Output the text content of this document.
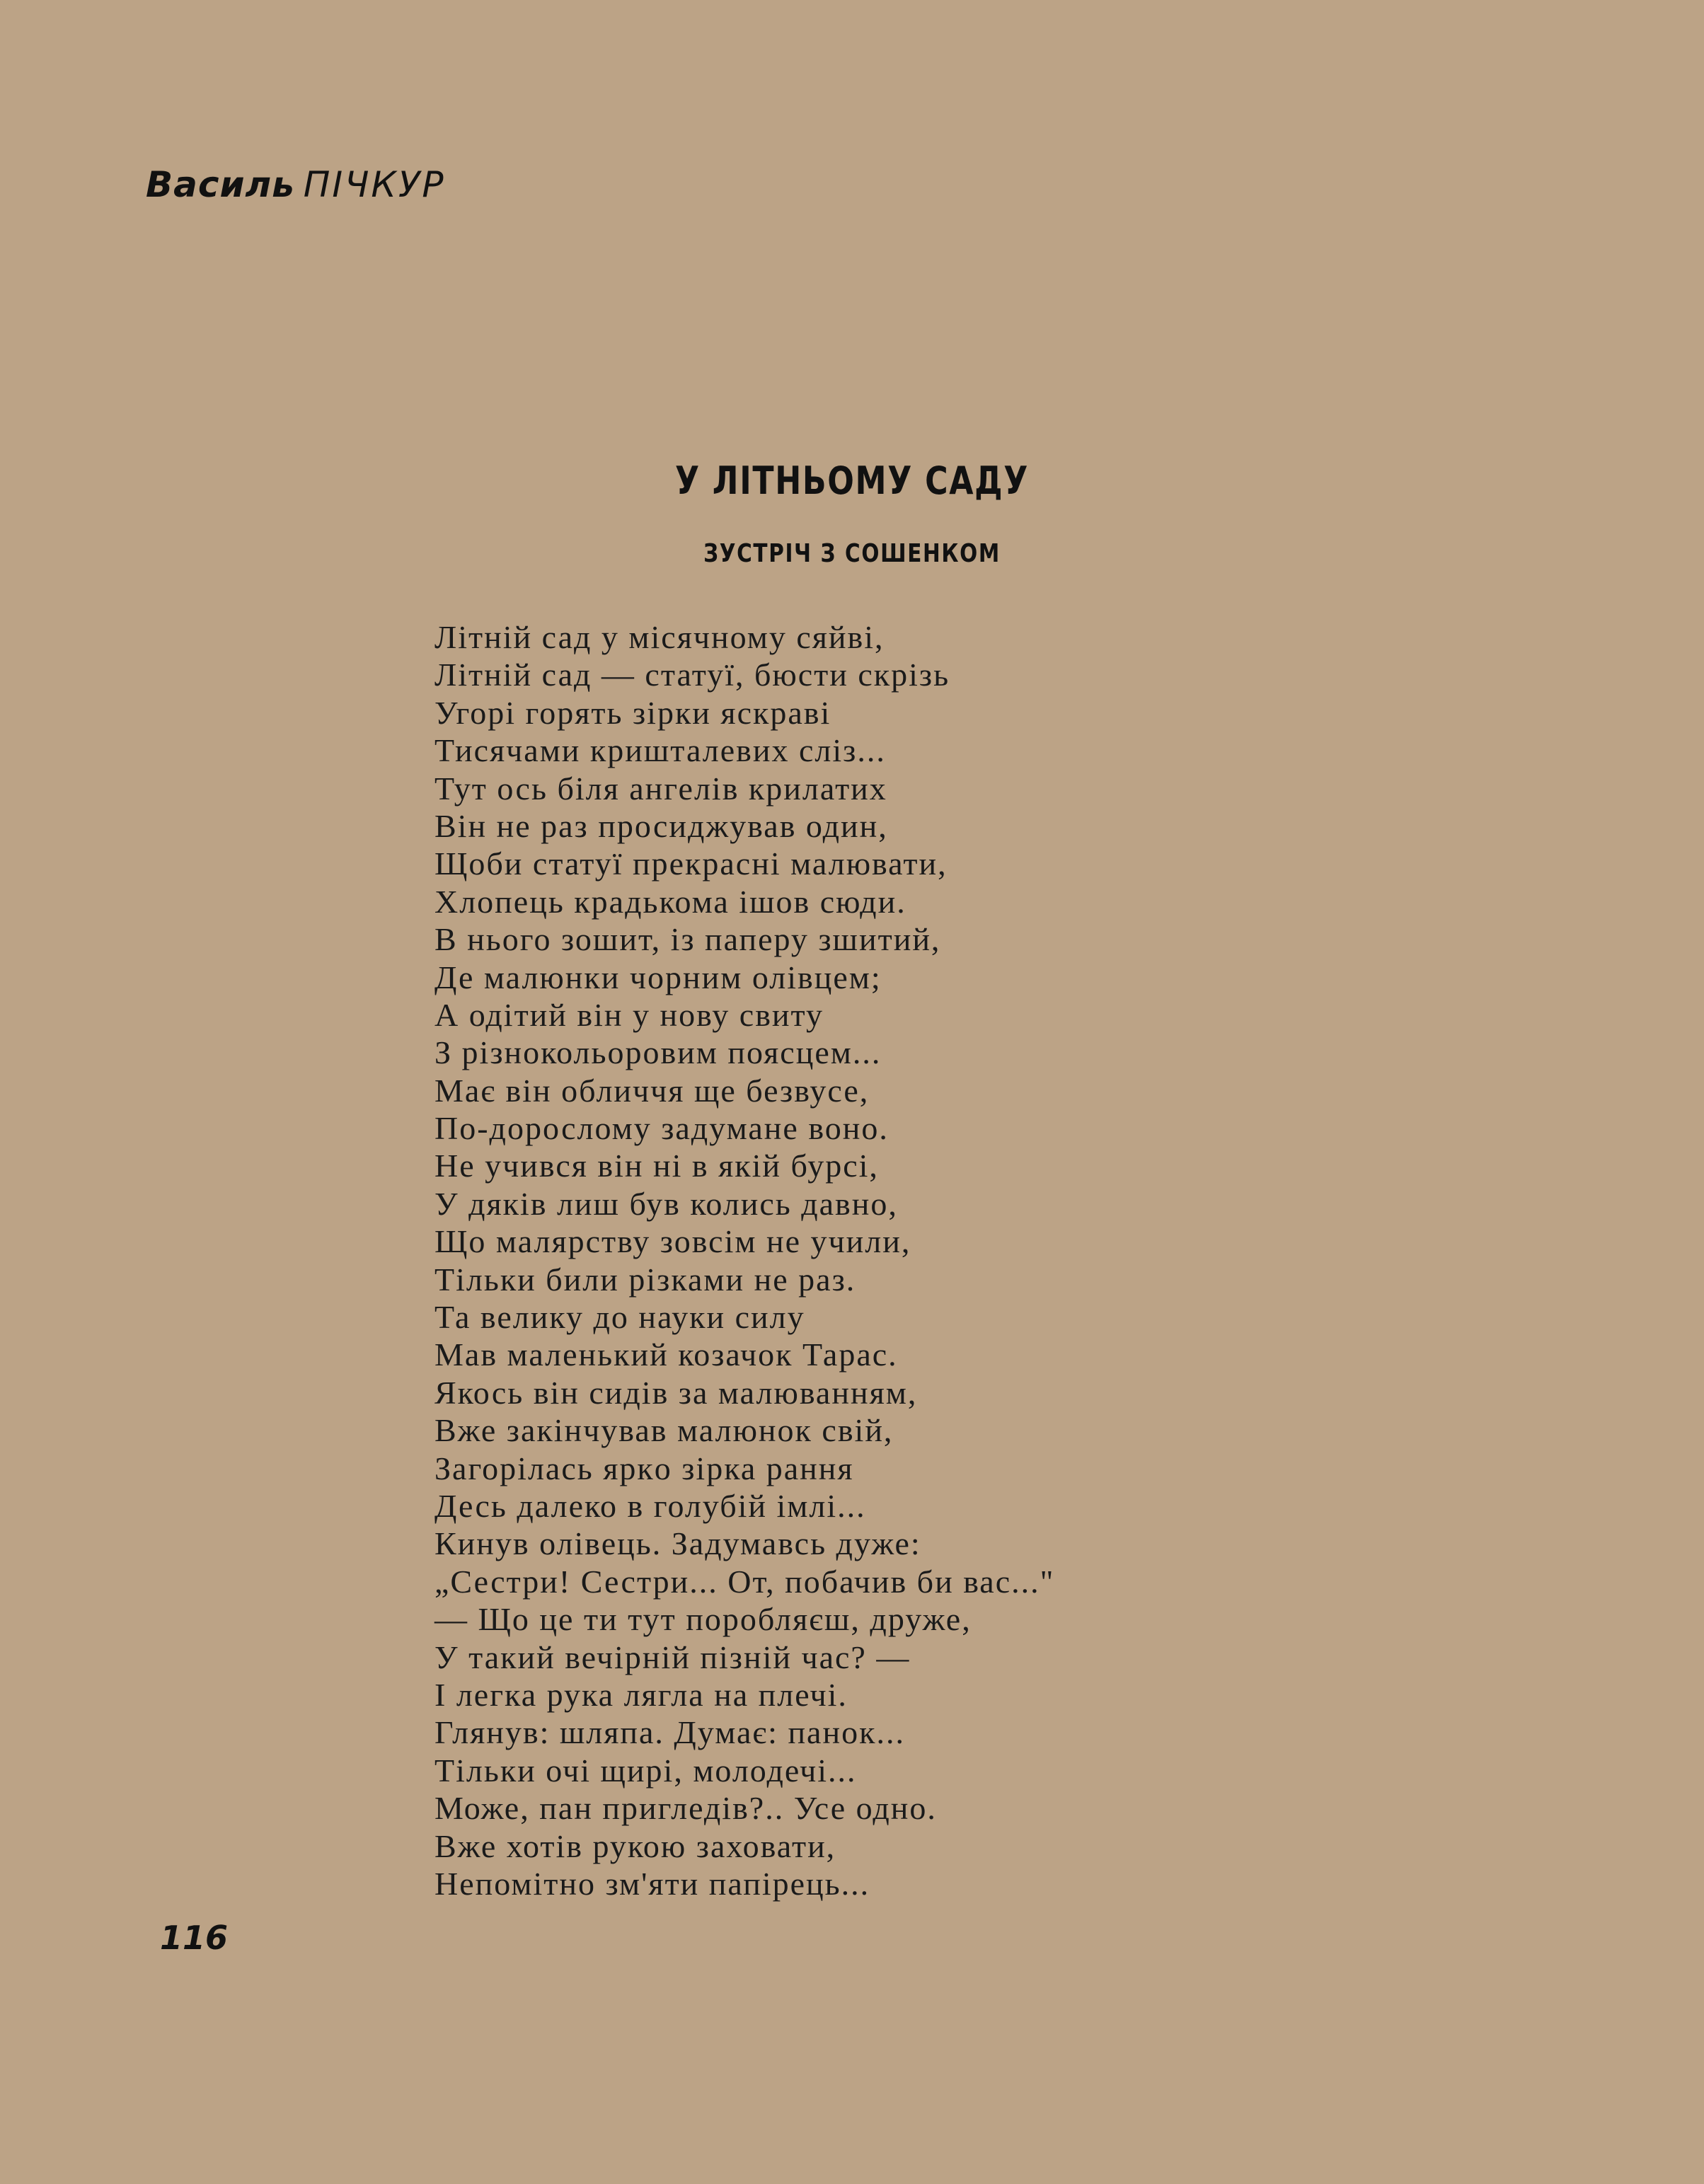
Василь ПІЧКУР
У ЛІТНЬОМУ САДУ
ЗУСТРІЧ З СОШЕНКОМ
Літній сад у місячному сяйві,
Літній сад — статуї, бюсти скрізь
Угорі горять зірки яскраві
Тисячами кришталевих сліз...
Тут ось біля ангелів крилатих
Він не раз просиджував один,
Щоби статуї прекрасні малювати,
Хлопець крадькома ішов сюди.
В нього зошит, із паперу зшитий,
Де малюнки чорним олівцем;
А одітий він у нову свиту
З різнокольоровим поясцем...
Має він обличчя ще безвусе,
По-дорослому задумане воно.
Не учився він ні в якій бурсі,
У дяків лиш був колись давно,
Що малярству зовсім не учили,
Тільки били різками не раз.
Та велику до науки силу
Мав маленький козачок Тарас.
Якось він сидів за малюванням,
Вже закінчував малюнок свій,
Загорілась яркo зірка рання
Десь далеко в голубій імлі...
Кинув олівець. Задумавсь дуже:
„Сестри! Сестри... От, побачив би вас..."
— Що це ти тут поробляєш, друже,
У такий вечірній пізній час? —
І легка рука лягла на плечі.
Глянув: шляпа. Думає: панок...
Тільки очі щирі, молодечі...
Може, пан пригледів?.. Усе одно.
Вже хотів рукою заховати,
Непомітно зм'яти папірець...
116
